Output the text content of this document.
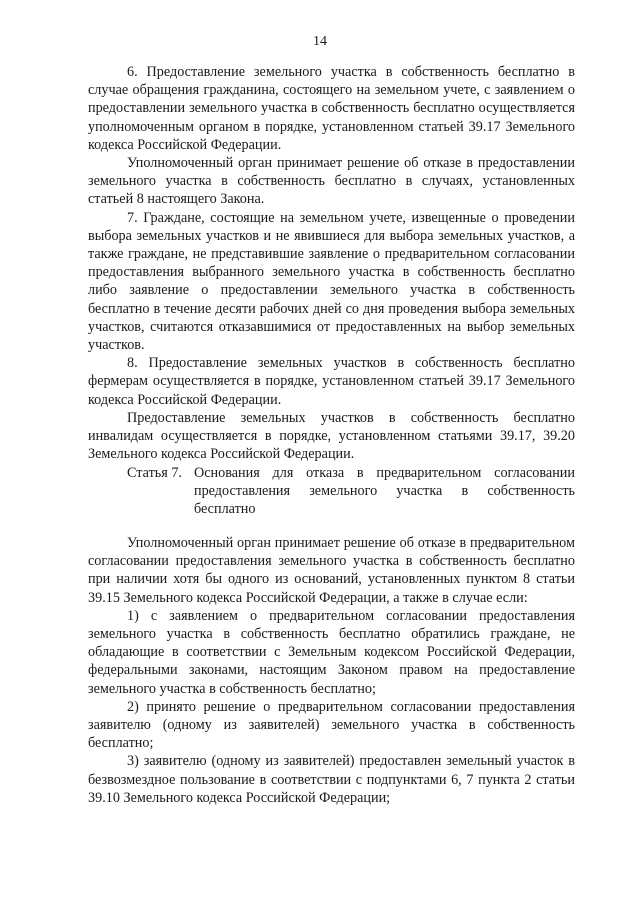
14

6. Предоставление земельного участка в собственность бесплатно в случае обращения гражданина, состоящего на земельном учете, с заявлением о предоставлении земельного участка в собственность бесплатно осуществляется уполномоченным органом в порядке, установленном статьей 39.17 Земельного кодекса Российской Федерации.

Уполномоченный орган принимает решение об отказе в предоставлении земельного участка в собственность бесплатно в случаях, установленных статьей 8 настоящего Закона.

7. Граждане, состоящие на земельном учете, извещенные о проведении выбора земельных участков и не явившиеся для выбора земельных участков, а также граждане, не представившие заявление о предварительном согласовании предоставления выбранного земельного участка в собственность бесплатно либо заявление о предоставлении земельного участка в собственность бесплатно в течение десяти рабочих дней со дня проведения выбора земельных участков, считаются отказавшимися от предоставленных на выбор земельных участков.

8. Предоставление земельных участков в собственность бесплатно фермерам осуществляется в порядке, установленном статьей 39.17 Земельного кодекса Российской Федерации.

Предоставление земельных участков в собственность бесплатно инвалидам осуществляется в порядке, установленном статьями 39.17, 39.20 Земельного кодекса Российской Федерации.

Статья 7. Основания для отказа в предварительном согласовании предоставления земельного участка в собственность бесплатно

Уполномоченный орган принимает решение об отказе в предварительном согласовании предоставления земельного участка в собственность бесплатно при наличии хотя бы одного из оснований, установленных пунктом 8 статьи 39.15 Земельного кодекса Российской Федерации, а также в случае если:

1) с заявлением о предварительном согласовании предоставления земельного участка в собственность бесплатно обратились граждане, не обладающие в соответствии с Земельным кодексом Российской Федерации, федеральными законами, настоящим Законом правом на предоставление земельного участка в собственность бесплатно;

2) принято решение о предварительном согласовании предоставления заявителю (одному из заявителей) земельного участка в собственность бесплатно;

3) заявителю (одному из заявителей) предоставлен земельный участок в безвозмездное пользование в соответствии с подпунктами 6, 7 пункта 2 статьи 39.10 Земельного кодекса Российской Федерации;
